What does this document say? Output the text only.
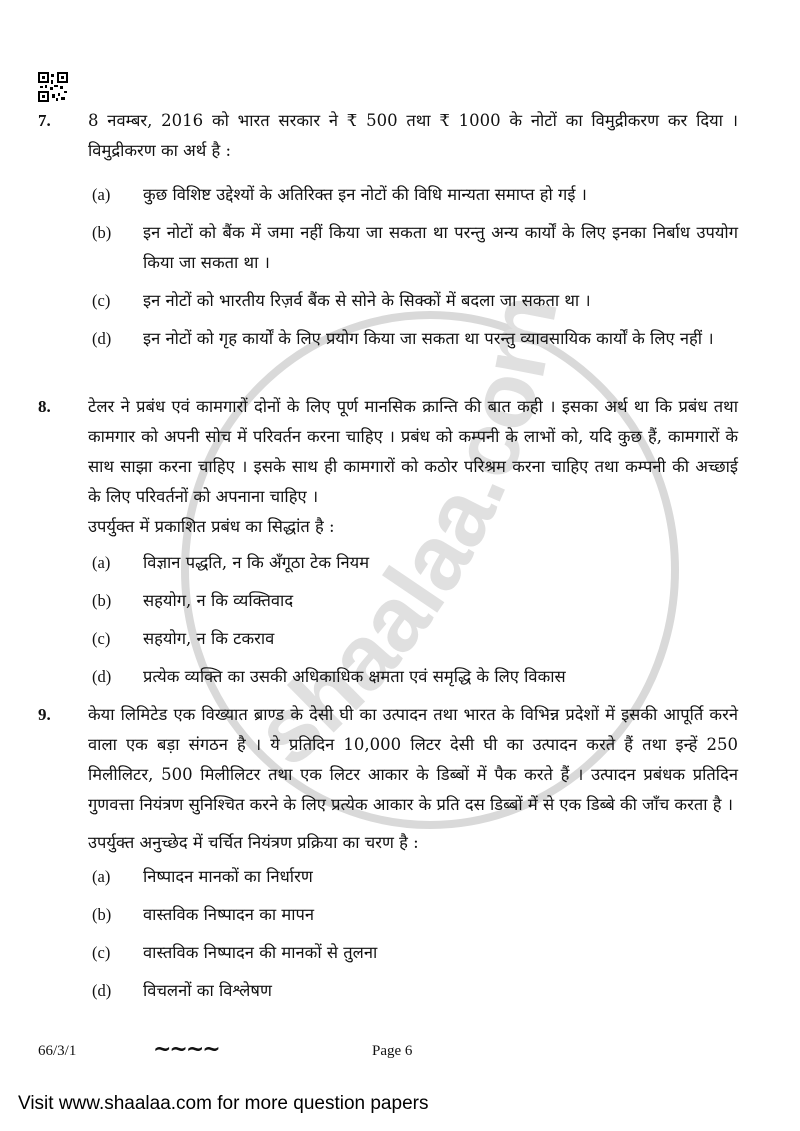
shaalaa.com
7. 8 नवम्बर, 2016 को भारत सरकार ने ₹ 500 तथा ₹ 1000 के नोटों का विमुद्रीकरण कर दिया । विमुद्रीकरण का अर्थ है :

(a) कुछ विशिष्ट उद्देश्यों के अतिरिक्त इन नोटों की विधि मान्यता समाप्त हो गई ।
(b) इन नोटों को बैंक में जमा नहीं किया जा सकता था परन्तु अन्य कार्यों के लिए इनका निर्बाध उपयोग किया जा सकता था ।
(c) इन नोटों को भारतीय रिज़र्व बैंक से सोने के सिक्कों में बदला जा सकता था ।
(d) इन नोटों को गृह कार्यों के लिए प्रयोग किया जा सकता था परन्तु व्यावसायिक कार्यों के लिए नहीं ।
8. टेलर ने प्रबंध एवं कामगारों दोनों के लिए पूर्ण मानसिक क्रान्ति की बात कही । इसका अर्थ था कि प्रबंध तथा कामगार को अपनी सोच में परिवर्तन करना चाहिए । प्रबंध को कम्पनी के लाभों को, यदि कुछ हैं, कामगारों के साथ साझा करना चाहिए । इसके साथ ही कामगारों को कठोर परिश्रम करना चाहिए तथा कम्पनी की अच्छाई के लिए परिवर्तनों को अपनाना चाहिए ।

उपर्युक्त में प्रकाशित प्रबंध का सिद्धांत है :

(a) विज्ञान पद्धति, न कि अँगूठा टेक नियम
(b) सहयोग, न कि व्यक्तिवाद
(c) सहयोग, न कि टकराव
(d) प्रत्येक व्यक्ति का उसकी अधिकाधिक क्षमता एवं समृद्धि के लिए विकास
9. केया लिमिटेड एक विख्यात ब्राण्ड के देसी घी का उत्पादन तथा भारत के विभिन्न प्रदेशों में इसकी आपूर्ति करने वाला एक बड़ा संगठन है । ये प्रतिदिन 10,000 लिटर देसी घी का उत्पादन करते हैं तथा इन्हें 250 मिलीलिटर, 500 मिलीलिटर तथा एक लिटर आकार के डिब्बों में पैक करते हैं । उत्पादन प्रबंधक प्रतिदिन गुणवत्ता नियंत्रण सुनिश्चित करने के लिए प्रत्येक आकार के प्रति दस डिब्बों में से एक डिब्बे की जाँच करता है ।

उपर्युक्त अनुच्छेद में चर्चित नियंत्रण प्रक्रिया का चरण है :

(a) निष्पादन मानकों का निर्धारण
(b) वास्तविक निष्पादन का मापन
(c) वास्तविक निष्पादन की मानकों से तुलना
(d) विचलनों का विश्लेषण
66/3/1	~~~~	Page 6
Visit www.shaalaa.com for more question papers
